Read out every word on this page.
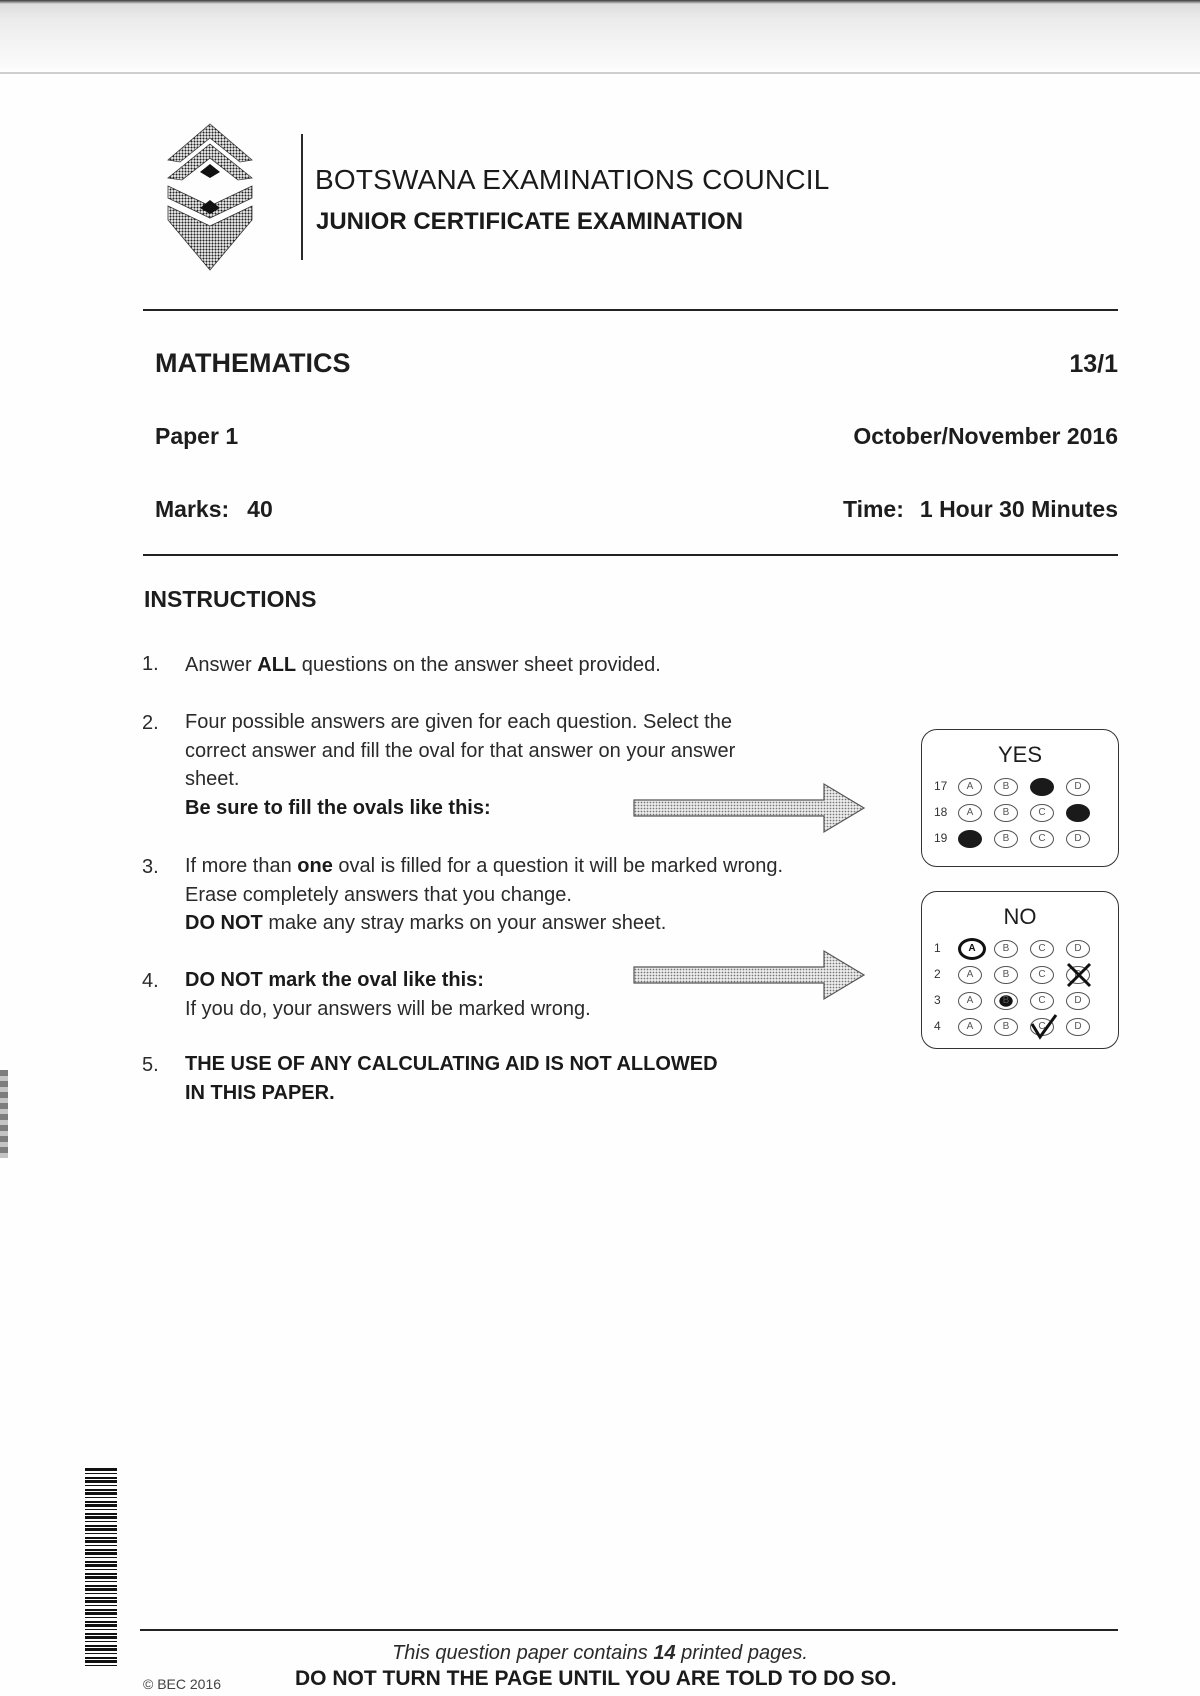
BOTSWANA EXAMINATIONS COUNCIL
JUNIOR CERTIFICATE EXAMINATION
MATHEMATICS	13/1
Paper 1	October/November 2016
Marks: 40	Time: 1 Hour 30 Minutes
INSTRUCTIONS
1. Answer ALL questions on the answer sheet provided.
2. Four possible answers are given for each question. Select the
correct answer and fill the oval for that answer on your answer
sheet.
Be sure to fill the ovals like this:
3. If more than one oval is filled for a question it will be marked wrong.
Erase completely answers that you change.
DO NOT make any stray marks on your answer sheet.
4. DO NOT mark the oval like this:
If you do, your answers will be marked wrong.
5. THE USE OF ANY CALCULATING AID IS NOT ALLOWED
IN THIS PAPER.
YES
17	A	B	C	D
18	A	B	C	D
19	A	B	C	D
NO
1	A	B	C	D
2	A	B	C	D
3	A	B	C	D
4	A	B	C	D
This question paper contains 14 printed pages.
© BEC 2016	DO NOT TURN THE PAGE UNTIL YOU ARE TOLD TO DO SO.
